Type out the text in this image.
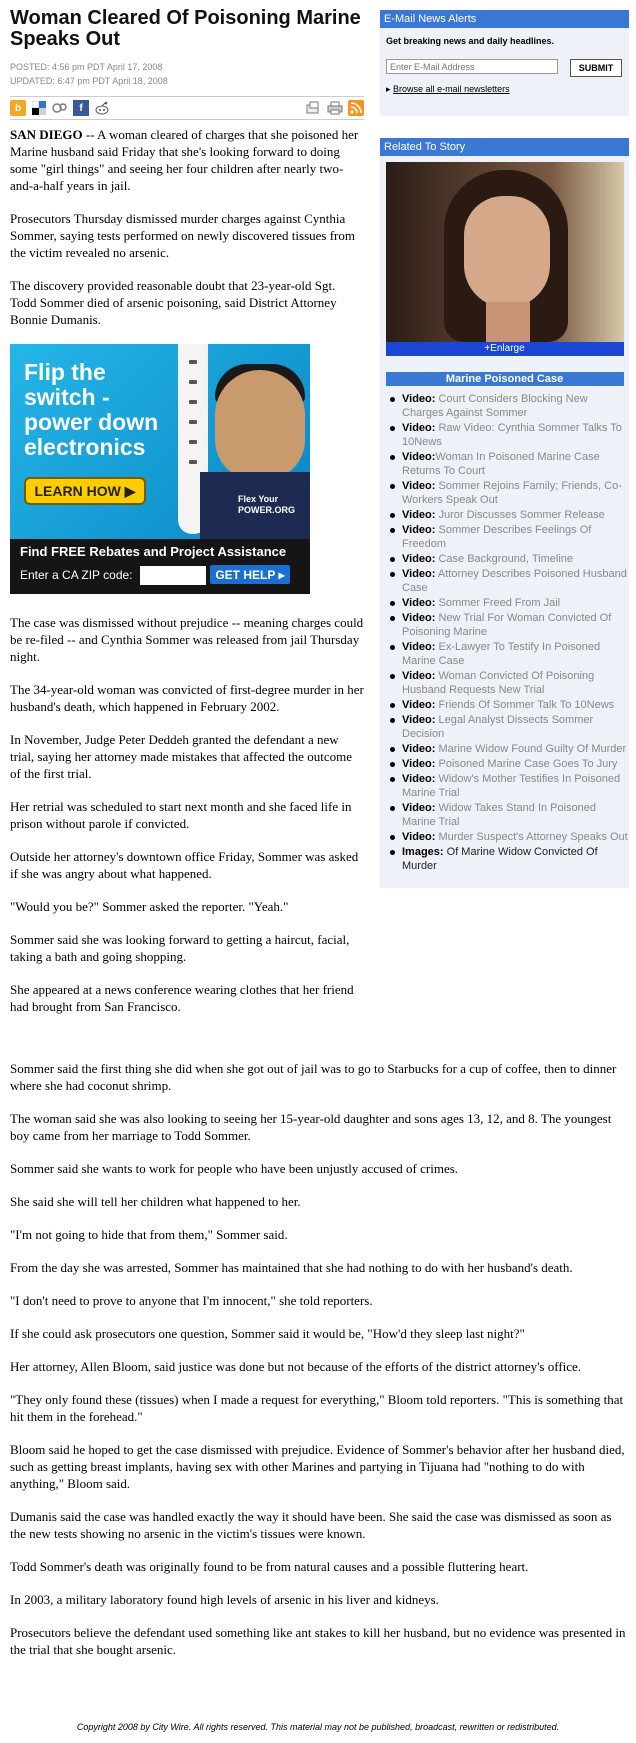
Woman Cleared Of Poisoning Marine Speaks Out
POSTED: 4:56 pm PDT April 17, 2008
UPDATED: 6:47 pm PDT April 18, 2008
b	f

SAN DIEGO -- A woman cleared of charges that she poisoned her Marine husband said Friday that she's looking forward to doing some "girl things" and seeing her four children after nearly two-and-a-half years in jail.

Prosecutors Thursday dismissed murder charges against Cynthia Sommer, saying tests performed on newly discovered tissues from the victim revealed no arsenic.

The discovery provided reasonable doubt that 23-year-old Sgt. Todd Sommer died of arsenic poisoning, said District Attorney Bonnie Dumanis.

Flip the switch - power down electronics
LEARN HOW ▶
Flex Your POWER.ORG
Find FREE Rebates and Project Assistance
Enter a CA ZIP code:	GET HELP ▸

The case was dismissed without prejudice -- meaning charges could be re-filed -- and Cynthia Sommer was released from jail Thursday night.

The 34-year-old woman was convicted of first-degree murder in her husband's death, which happened in February 2002.

In November, Judge Peter Deddeh granted the defendant a new trial, saying her attorney made mistakes that affected the outcome of the first trial.

Her retrial was scheduled to start next month and she faced life in prison without parole if convicted.

Outside her attorney's downtown office Friday, Sommer was asked if she was angry about what happened.

"Would you be?" Sommer asked the reporter. "Yeah."

Sommer said she was looking forward to getting a haircut, facial, taking a bath and going shopping.

She appeared at a news conference wearing clothes that her friend had brought from San Francisco.

Sommer said the first thing she did when she got out of jail was to go to Starbucks for a cup of coffee, then to dinner where she had coconut shrimp.

The woman said she was also looking to seeing her 15-year-old daughter and sons ages 13, 12, and 8. The youngest boy came from her marriage to Todd Sommer.

Sommer said she wants to work for people who have been unjustly accused of crimes.

She said she will tell her children what happened to her.

"I'm not going to hide that from them," Sommer said.

From the day she was arrested, Sommer has maintained that she had nothing to do with her husband's death.

"I don't need to prove to anyone that I'm innocent," she told reporters.

If she could ask prosecutors one question, Sommer said it would be, "How'd they sleep last night?"

Her attorney, Allen Bloom, said justice was done but not because of the efforts of the district attorney's office.

"They only found these (tissues) when I made a request for everything," Bloom told reporters. "This is something that hit them in the forehead."

Bloom said he hoped to get the case dismissed with prejudice. Evidence of Sommer's behavior after her husband died, such as getting breast implants, having sex with other Marines and partying in Tijuana had "nothing to do with anything," Bloom said.

Dumanis said the case was handled exactly the way it should have been. She said the case was dismissed as soon as the new tests showing no arsenic in the victim's tissues were known.

Todd Sommer's death was originally found to be from natural causes and a possible fluttering heart.

In 2003, a military laboratory found high levels of arsenic in his liver and kidneys.

Prosecutors believe the defendant used something like ant stakes to kill her husband, but no evidence was presented in the trial that she bought arsenic.

Copyright 2008 by City Wire. All rights reserved. This material may not be published, broadcast, rewritten or redistributed.
E-Mail News Alerts
Get breaking news and daily headlines.
Enter E-Mail Address
SUBMIT
▸ Browse all e-mail newsletters
Related To Story
+Enlarge
Marine Poisoned Case
Video: Court Considers Blocking New Charges Against Sommer
Video: Raw Video: Cynthia Sommer Talks To 10News
Video:Woman In Poisoned Marine Case Returns To Court
Video: Sommer Rejoins Family; Friends, Co-Workers Speak Out
Video: Juror Discusses Sommer Release
Video: Sommer Describes Feelings Of Freedom
Video: Case Background, Timeline
Video: Attorney Describes Poisoned Husband Case
Video: Sommer Freed From Jail
Video: New Trial For Woman Convicted Of Poisoning Marine
Video: Ex-Lawyer To Testify In Poisoned Marine Case
Video: Woman Convicted Of Poisoning Husband Requests New Trial
Video: Friends Of Sommer Talk To 10News
Video: Legal Analyst Dissects Sommer Decision
Video: Marine Widow Found Guilty Of Murder
Video: Poisoned Marine Case Goes To Jury
Video: Widow's Mother Testifies In Poisoned Marine Trial
Video: Widow Takes Stand In Poisoned Marine Trial
Video: Murder Suspect's Attorney Speaks Out
Images: Of Marine Widow Convicted Of Murder
